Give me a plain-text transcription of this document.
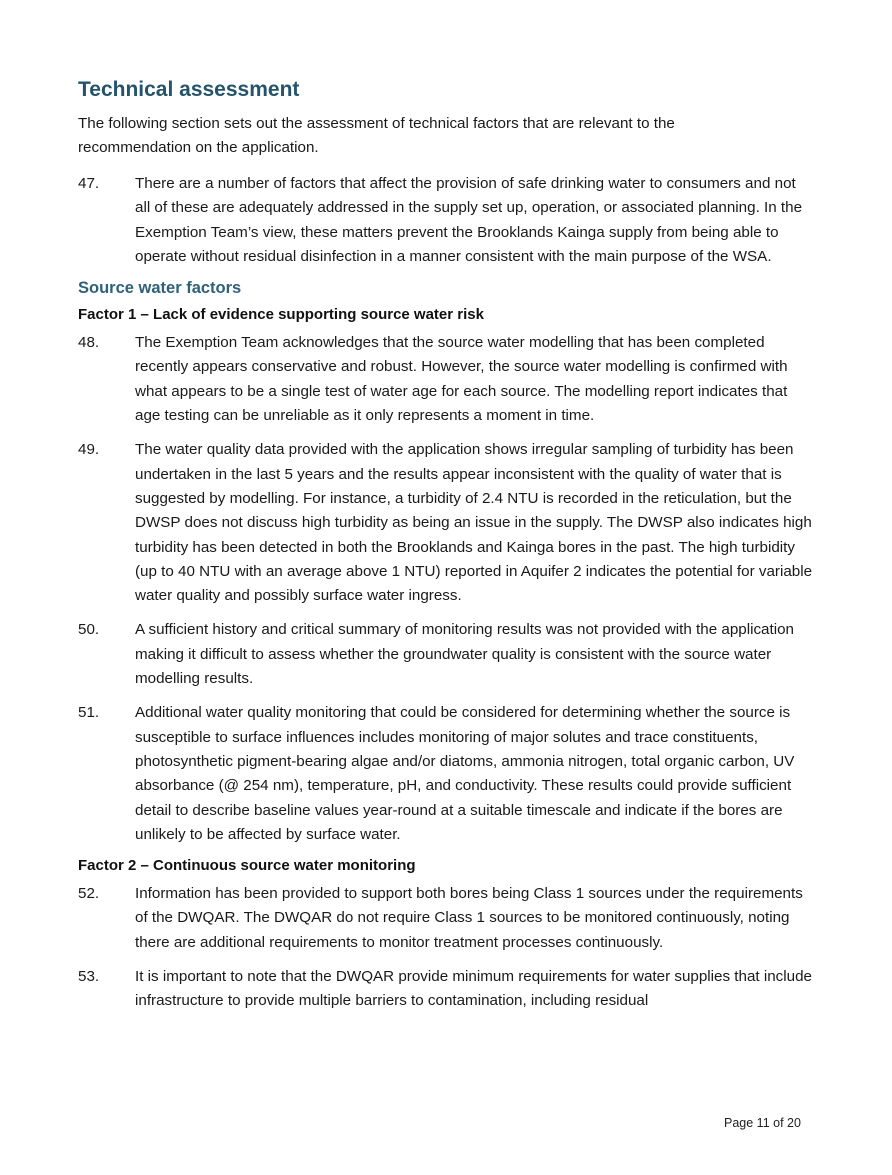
Technical assessment

The following section sets out the assessment of technical factors that are relevant to the recommendation on the application.

47.	There are a number of factors that affect the provision of safe drinking water to consumers and not all of these are adequately addressed in the supply set up, operation, or associated planning. In the Exemption Team’s view, these matters prevent the Brooklands Kainga supply from being able to operate without residual disinfection in a manner consistent with the main purpose of the WSA.
Source water factors
Factor 1 – Lack of evidence supporting source water risk
48.	The Exemption Team acknowledges that the source water modelling that has been completed recently appears conservative and robust. However, the source water modelling is confirmed with what appears to be a single test of water age for each source. The modelling report indicates that age testing can be unreliable as it only represents a moment in time.
49.	The water quality data provided with the application shows irregular sampling of turbidity has been undertaken in the last 5 years and the results appear inconsistent with the quality of water that is suggested by modelling. For instance, a turbidity of 2.4 NTU is recorded in the reticulation, but the DWSP does not discuss high turbidity as being an issue in the supply. The DWSP also indicates high turbidity has been detected in both the Brooklands and Kainga bores in the past. The high turbidity (up to 40 NTU with an average above 1 NTU) reported in Aquifer 2 indicates the potential for variable water quality and possibly surface water ingress.
50.	A sufficient history and critical summary of monitoring results was not provided with the application making it difficult to assess whether the groundwater quality is consistent with the source water modelling results.
51.	Additional water quality monitoring that could be considered for determining whether the source is susceptible to surface influences includes monitoring of major solutes and trace constituents, photosynthetic pigment-bearing algae and/or diatoms, ammonia nitrogen, total organic carbon, UV absorbance (@ 254 nm), temperature, pH, and conductivity. These results could provide sufficient detail to describe baseline values year-round at a suitable timescale and indicate if the bores are unlikely to be affected by surface water.
Factor 2 – Continuous source water monitoring
52.	Information has been provided to support both bores being Class 1 sources under the requirements of the DWQAR. The DWQAR do not require Class 1 sources to be monitored continuously, noting there are additional requirements to monitor treatment processes continuously.
53.	It is important to note that the DWQAR provide minimum requirements for water supplies that include infrastructure to provide multiple barriers to contamination, including residual
Page 11 of 20
